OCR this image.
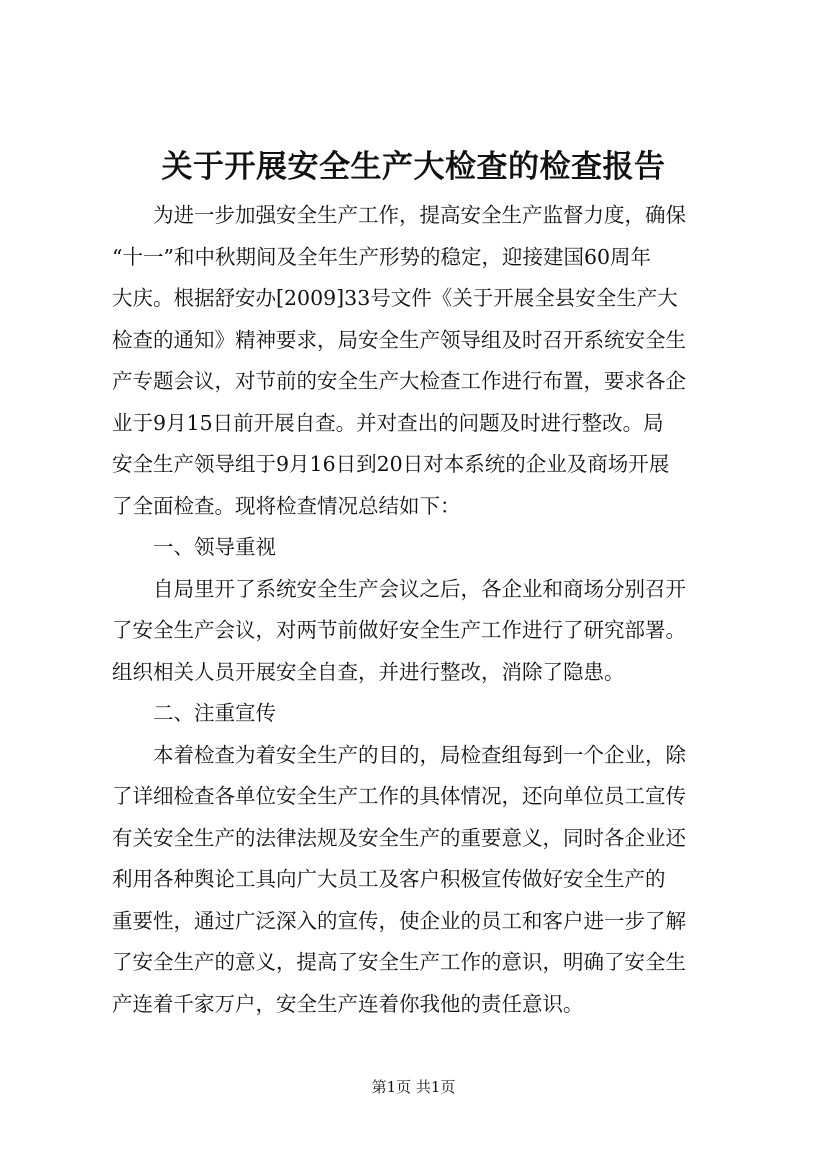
关于开展安全生产大检查的检查报告
　　为进一步加强安全生产工作，提高安全生产监督力度，确保
“十一”和中秋期间及全年生产形势的稳定，迎接建国60周年
大庆。根据舒安办[2009]33号文件《关于开展全县安全生产大
检查的通知》精神要求，局安全生产领导组及时召开系统安全生
产专题会议，对节前的安全生产大检查工作进行布置，要求各企
业于9月15日前开展自查。并对查出的问题及时进行整改。局
安全生产领导组于9月16日到20日对本系统的企业及商场开展
了全面检查。现将检查情况总结如下：
　　一、领导重视
　　自局里开了系统安全生产会议之后，各企业和商场分别召开
了安全生产会议，对两节前做好安全生产工作进行了研究部署。
组织相关人员开展安全自查，并进行整改，消除了隐患。
　　二、注重宣传
　　本着检查为着安全生产的目的，局检查组每到一个企业，除
了详细检查各单位安全生产工作的具体情况，还向单位员工宣传
有关安全生产的法律法规及安全生产的重要意义，同时各企业还
利用各种舆论工具向广大员工及客户积极宣传做好安全生产的
重要性，通过广泛深入的宣传，使企业的员工和客户进一步了解
了安全生产的意义，提高了安全生产工作的意识，明确了安全生
产连着千家万户，安全生产连着你我他的责任意识。
第1页 共1页
